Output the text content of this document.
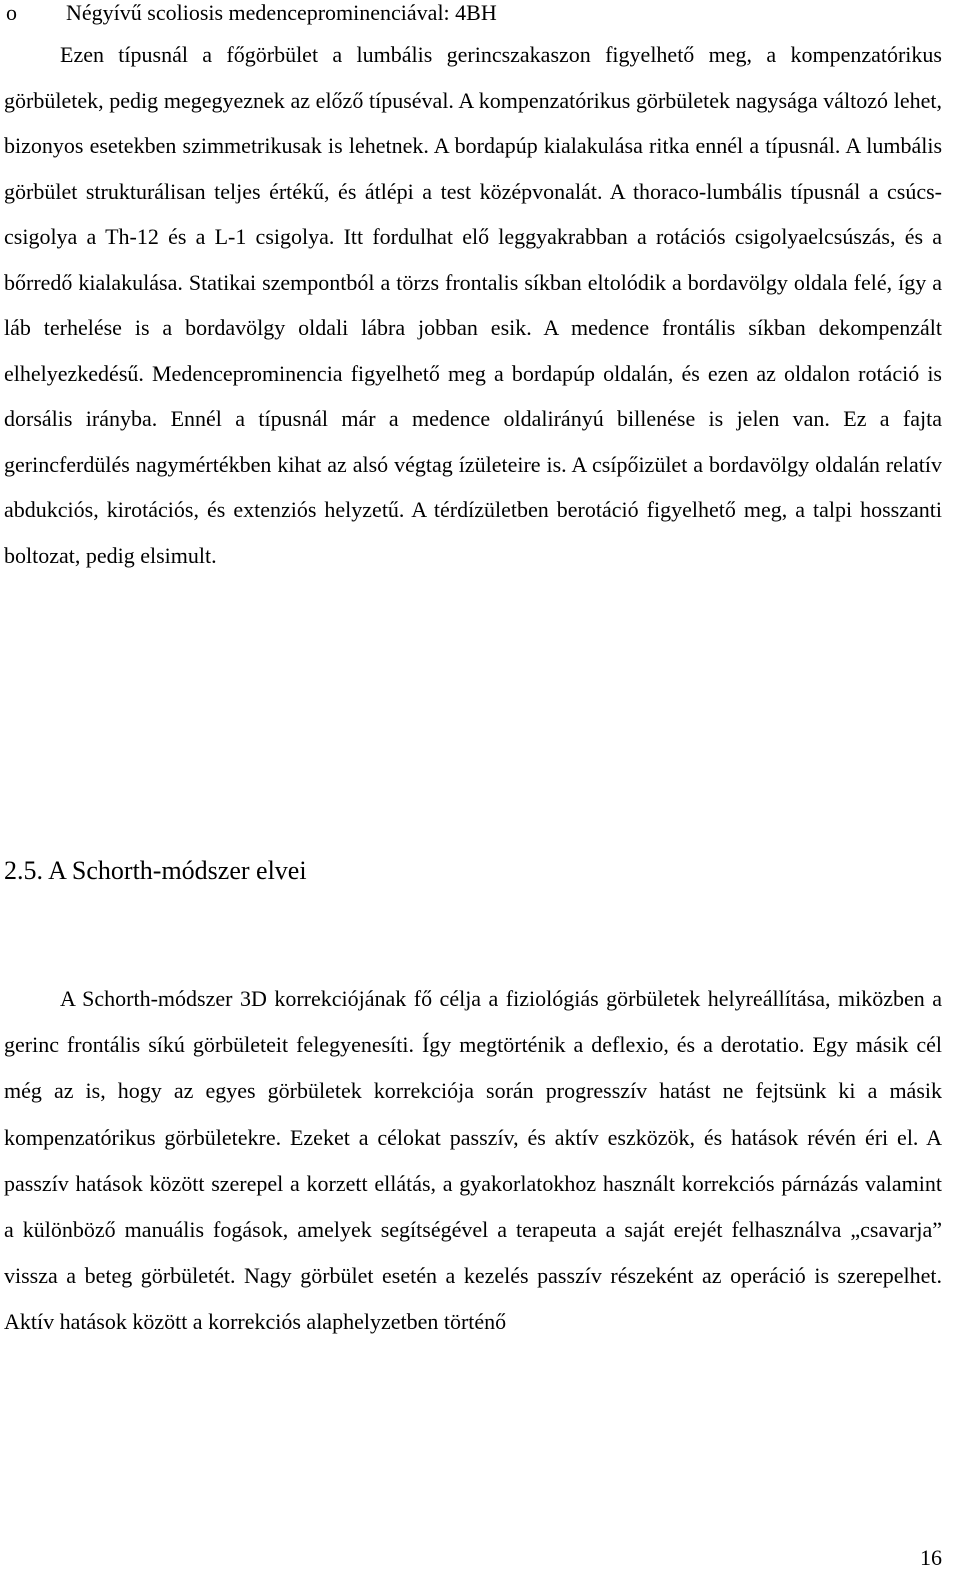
o Négyívű scoliosis medenceprominenciával: 4BH

Ezen típusnál a főgörbület a lumbális gerincszakaszon figyelhető meg, a kompenzatórikus görbületek, pedig megegyeznek az előző típuséval. A kompenzatórikus görbületek nagysága változó lehet, bizonyos esetekben szimmetrikusak is lehetnek. A bordapúp kialakulása ritka ennél a típusnál. A lumbális görbület strukturálisan teljes értékű, és átlépi a test középvonalát. A thoraco-lumbális típusnál a csúcs-csigolya a Th-12 és a L-1 csigolya. Itt fordulhat elő leggyakrabban a rotációs csigolyaelcsúszás, és a bőrredő kialakulása. Statikai szempontból a törzs frontalis síkban eltolódik a bordavölgy oldala felé, így a láb terhelése is a bordavölgy oldali lábra jobban esik. A medence frontális síkban dekompenzált elhelyezkedésű. Medenceprominencia figyelhető meg a bordapúp oldalán, és ezen az oldalon rotáció is dorsális irányba. Ennél a típusnál már a medence oldalirányú billenése is jelen van. Ez a fajta gerincferdülés nagymértékben kihat az alsó végtag ízületeire is. A csípőizület a bordavölgy oldalán relatív abdukciós, kirotációs, és extenziós helyzetű. A térdízületben berotáció figyelhető meg, a talpi hosszanti boltozat, pedig elsimult.

2.5. A Schorth-módszer elvei

A Schorth-módszer 3D korrekciójának fő célja a fiziológiás görbületek helyreállítása, miközben a gerinc frontális síkú görbületeit felegyenesíti. Így megtörténik a deflexio, és a derotatio. Egy másik cél még az is, hogy az egyes görbületek korrekciója során progresszív hatást ne fejtsünk ki a másik kompenzatórikus görbületekre. Ezeket a célokat passzív, és aktív eszközök, és hatások révén éri el. A passzív hatások között szerepel a korzett ellátás, a gyakorlatokhoz használt korrekciós párnázás valamint a különböző manuális fogások, amelyek segítségével a terapeuta a saját erejét felhasználva „csavarja” vissza a beteg görbületét. Nagy görbület esetén a kezelés passzív részeként az operáció is szerepelhet. Aktív hatások között a korrekciós alaphelyzetben történő

16
